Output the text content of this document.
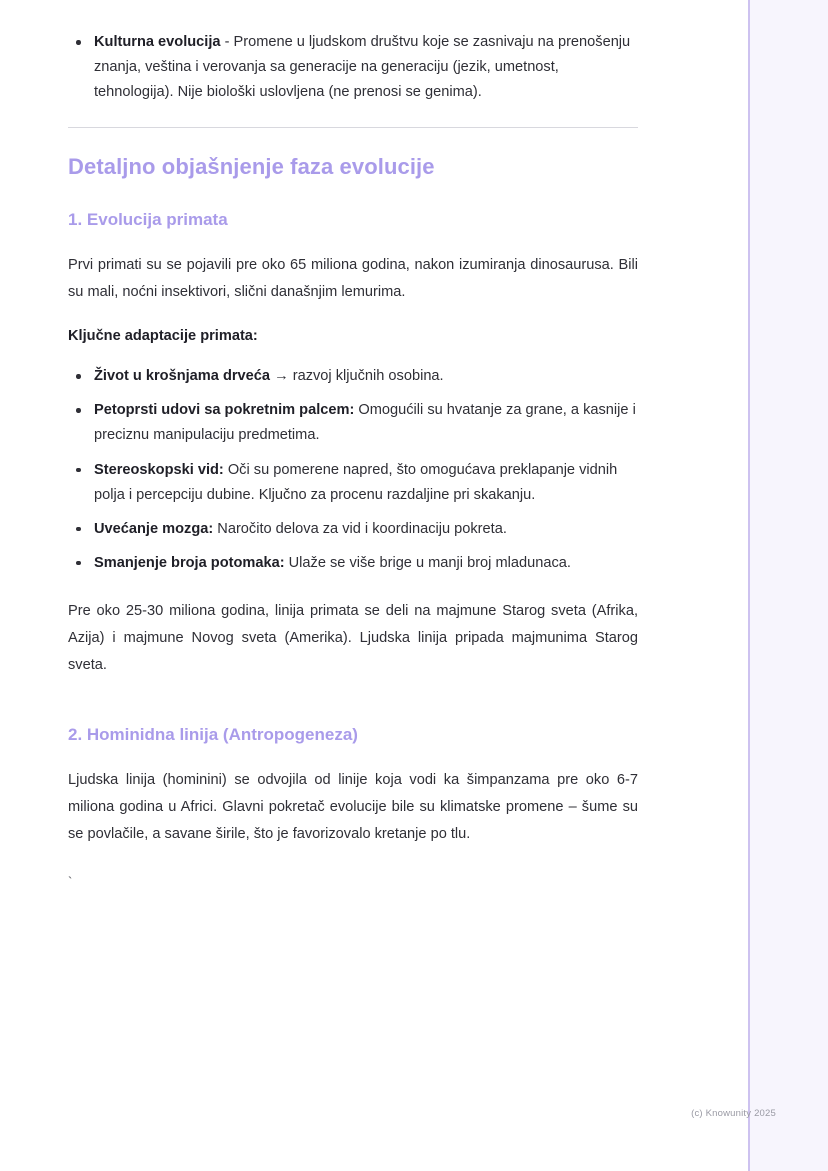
Kulturna evolucija - Promene u ljudskom društvu koje se zasnivaju na prenošenju znanja, veština i verovanja sa generacije na generaciju (jezik, umetnost, tehnologija). Nije biološki uslovljena (ne prenosi se genima).
Detaljno objašnjenje faza evolucije
1. Evolucija primata

Prvi primati su se pojavili pre oko 65 miliona godina, nakon izumiranja dinosaurusa. Bili su mali, noćni insektivori, slični današnjim lemurima.

Ključne adaptacije primata:

Život u krošnjama drveća → razvoj ključnih osobina.
Petoprsti udovi sa pokretnim palcem: Omogućili su hvatanje za grane, a kasnije i preciznu manipulaciju predmetima.
Stereoskopski vid: Oči su pomerene napred, što omogućava preklapanje vidnih polja i percepciju dubine. Ključno za procenu razdaljine pri skakanju.
Uvećanje mozga: Naročito delova za vid i koordinaciju pokreta.
Smanjenje broja potomaka: Ulaže se više brige u manji broj mladunaca.

Pre oko 25-30 miliona godina, linija primata se deli na majmune Starog sveta (Afrika, Azija) i majmune Novog sveta (Amerika). Ljudska linija pripada majmunima Starog sveta.

2. Hominidna linija (Antropogeneza)

Ljudska linija (hominini) se odvojila od linije koja vodi ka šimpanzama pre oko 6-7 miliona godina u Africi. Glavni pokretač evolucije bile su klimatske promene – šume su se povlačile, a savane širile, što je favorizovalo kretanje po tlu.

`
(c) Knowunity 2025
